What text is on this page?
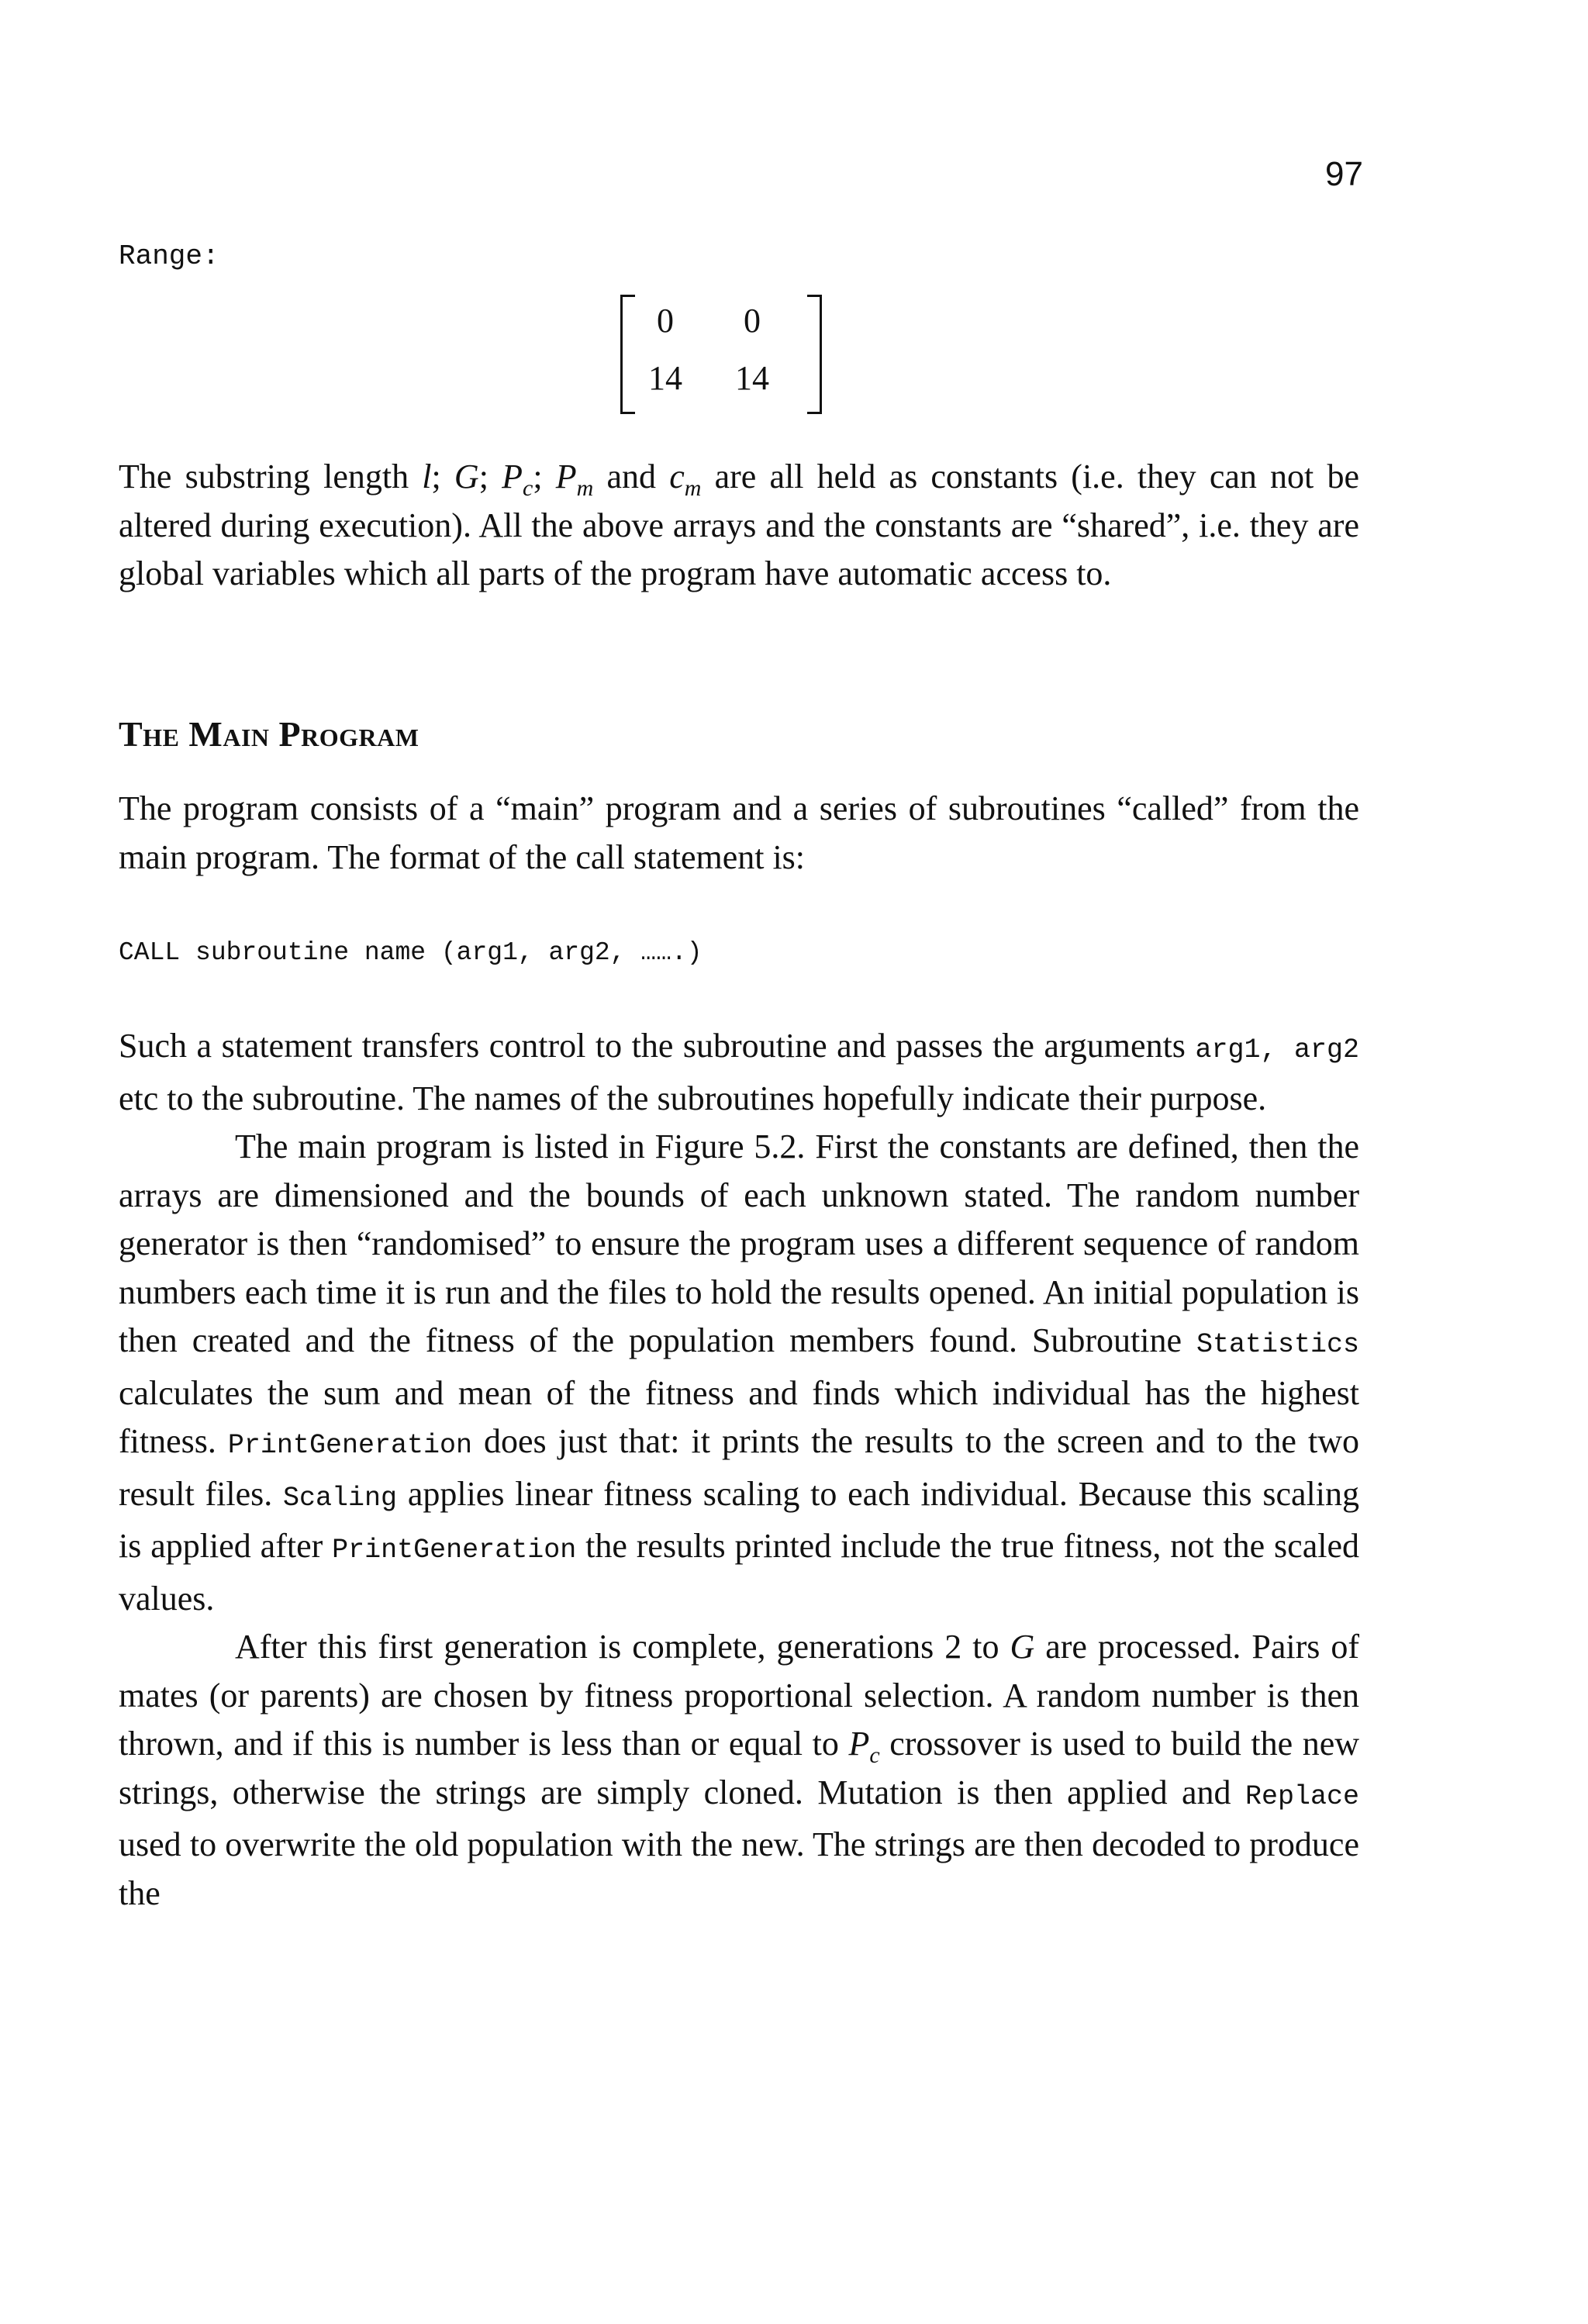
97
Range:
0	0
14	14

The substring length l; G; $P_c$; $P_m$ and $c_m$ are all held as constants (i.e. they can not be altered during execution). All the above arrays and the constants are “shared”, i.e. they are global variables which all parts of the program have automatic access to.

The Main Program

The program consists of a “main” program and a series of subroutines “called” from the main program. The format of the call statement is:

CALL subroutine name (arg1, arg2, …….)

Such a statement transfers control to the subroutine and passes the arguments arg1, arg2 etc to the subroutine. The names of the subroutines hopefully indicate their purpose.

The main program is listed in Figure 5.2. First the constants are defined, then the arrays are dimensioned and the bounds of each unknown stated. The random number generator is then “randomised” to ensure the program uses a different sequence of random numbers each time it is run and the files to hold the results opened. An initial population is then created and the fitness of the population members found. Subroutine Statistics calculates the sum and mean of the fitness and finds which individual has the highest fitness. PrintGeneration does just that: it prints the results to the screen and to the two result files. Scaling applies linear fitness scaling to each individual. Because this scaling is applied after PrintGeneration the results printed include the true fitness, not the scaled values.

After this first generation is complete, generations 2 to G are processed. Pairs of mates (or parents) are chosen by fitness proportional selection. A random number is then thrown, and if this is number is less than or equal to $P_c$ crossover is used to build the new strings, otherwise the strings are simply cloned. Mutation is then applied and Replace used to overwrite the old population with the new. The strings are then decoded to produce the
